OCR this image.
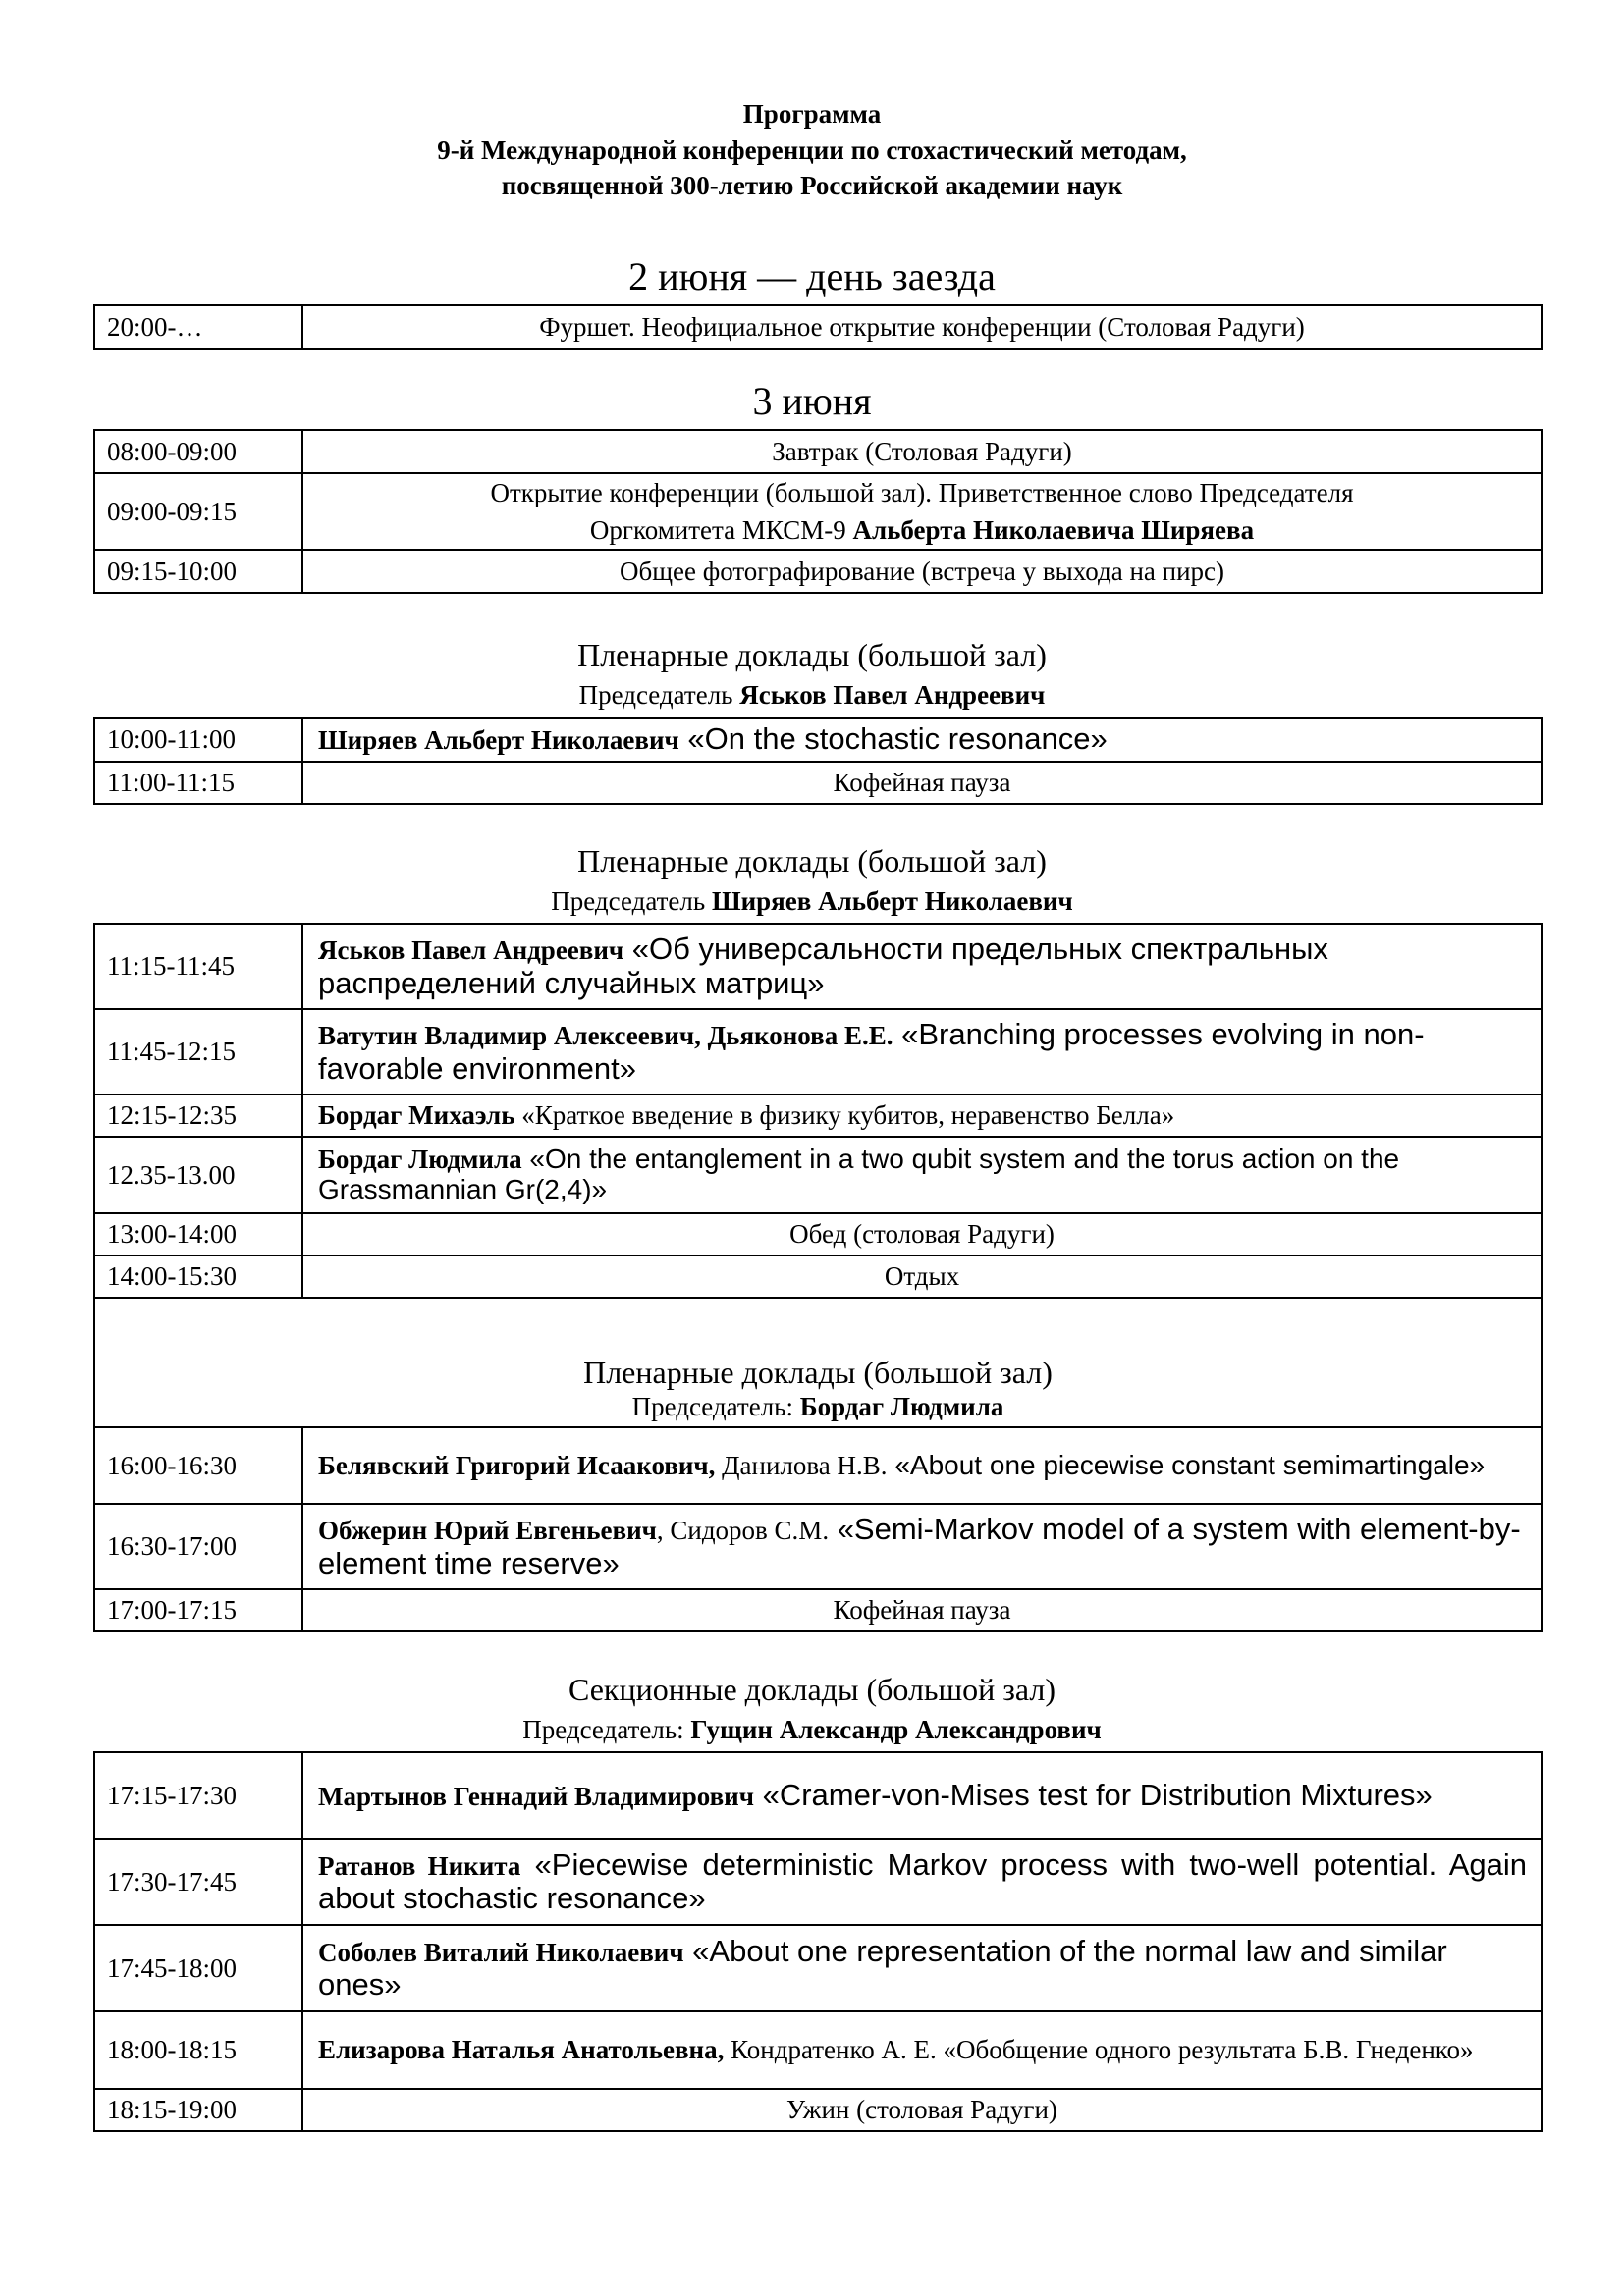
Программа
9-й Международной конференции по стохастический методам,
посвященной 300-летию Российской академии наук
2 июня — день заезда
20:00-…	Фуршет. Неофициальное открытие конференции (Столовая Радуги)
3 июня
08:00-09:00	Завтрак (Столовая Радуги)
09:00-09:15	Открытие конференции (большой зал). Приветственное слово Председателя
Оргкомитета МКСМ-9 Альберта Николаевича Ширяева
09:15-10:00	Общее фотографирование (встреча у выхода на пирс)
Пленарные доклады (большой зал)
Председатель Яськов Павел Андреевич
10:00-11:00	Ширяев Альберт Николаевич «On the stochastic resonance»
11:00-11:15	Кофейная пауза
Пленарные доклады (большой зал)
Председатель Ширяев Альберт Николаевич
11:15-11:45	Яськов Павел Андреевич «Об универсальности предельных спектральных распределений случайных матриц»
11:45-12:15	Ватутин Владимир Алексеевич, Дьяконова Е.Е. «Branching processes evolving in non-favorable environment»
12:15-12:35	Бордаг Михаэль «Краткое введение в физику кубитов, неравенство Белла»
12.35-13.00	Бордаг Людмила «On the entanglement in a two qubit system and the torus action on the Grassmannian Gr(2,4)»
13:00-14:00	Обед (столовая Радуги)
14:00-15:30	Отдых

Пленарные доклады (большой зал)
Председатель: Бордаг Людмила	

16:00-16:30	Белявский Григорий Исаакович, Данилова Н.В. «About one piecewise constant semimartingale»
16:30-17:00	Обжерин Юрий Евгеньевич, Сидоров С.М. «Semi-Markov model of a system with element-by-element time reserve»
17:00-17:15	Кофейная пауза
Секционные доклады (большой зал)
Председатель: Гущин Александр Александрович
17:15-17:30	Мартынов Геннадий Владимирович «Cramer-von-Mises test for Distribution Mixtures»
17:30-17:45	Ратанов Никита «Piecewise deterministic Markov process with two-well potential. Again about stochastic resonance»
17:45-18:00	Соболев Виталий Николаевич «About one representation of the normal law and similar ones»
18:00-18:15	Елизарова Наталья Анатольевна, Кондратенко А. Е. «Обобщение одного результата Б.В. Гнеденко»
18:15-19:00	Ужин (столовая Радуги)
